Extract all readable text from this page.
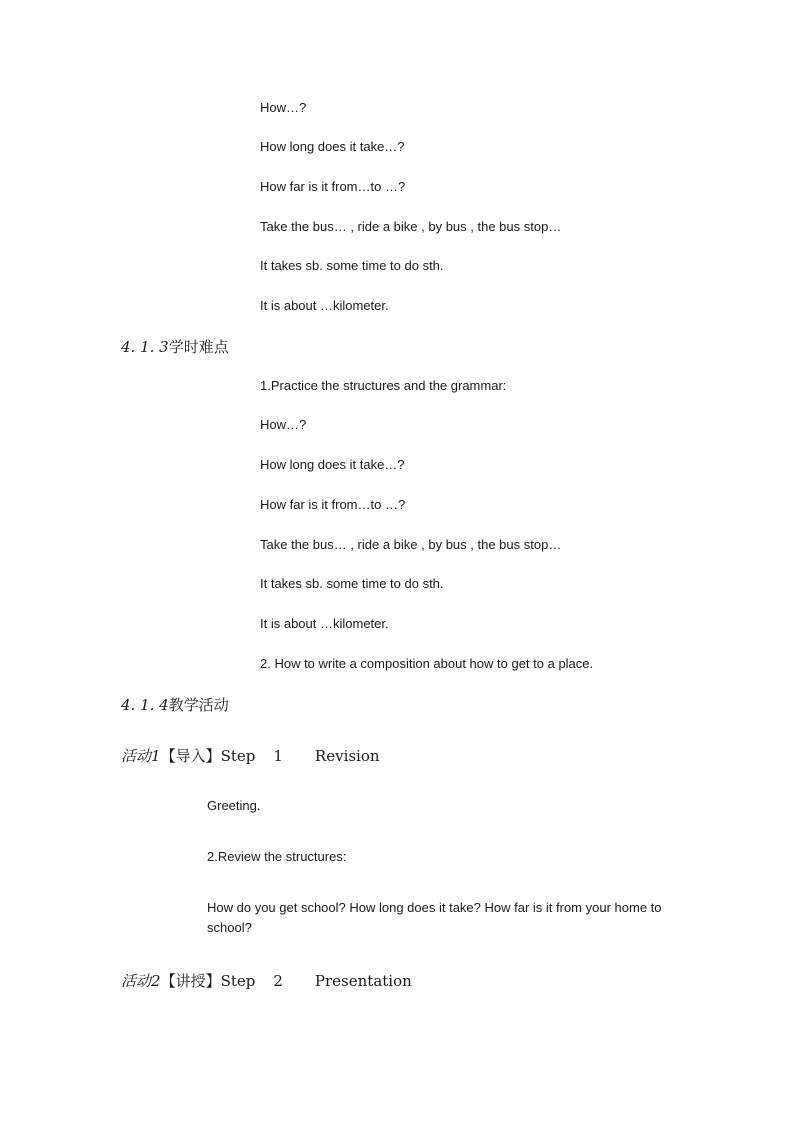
How…?
How long does it take…?
How far is it from…to …?
Take the bus… , ride a bike , by bus , the bus stop…
It takes sb. some time to do sth.
It is about …kilometer.
4. 1. 3学时难点
1.Practice the structures and the grammar:
How…?
How long does it take…?
How far is it from…to …?
Take the bus… , ride a bike , by bus , the bus stop…
It takes sb. some time to do sth.
It is about …kilometer.
2. How to write a composition about how to get to a place.
4. 1. 4教学活动
活动1【导入】Step 1 Revision
Greeting.
2.Review the structures:
How do you get school? How long does it take? How far is it from your home to school?
活动2【讲授】Step 2 Presentation
